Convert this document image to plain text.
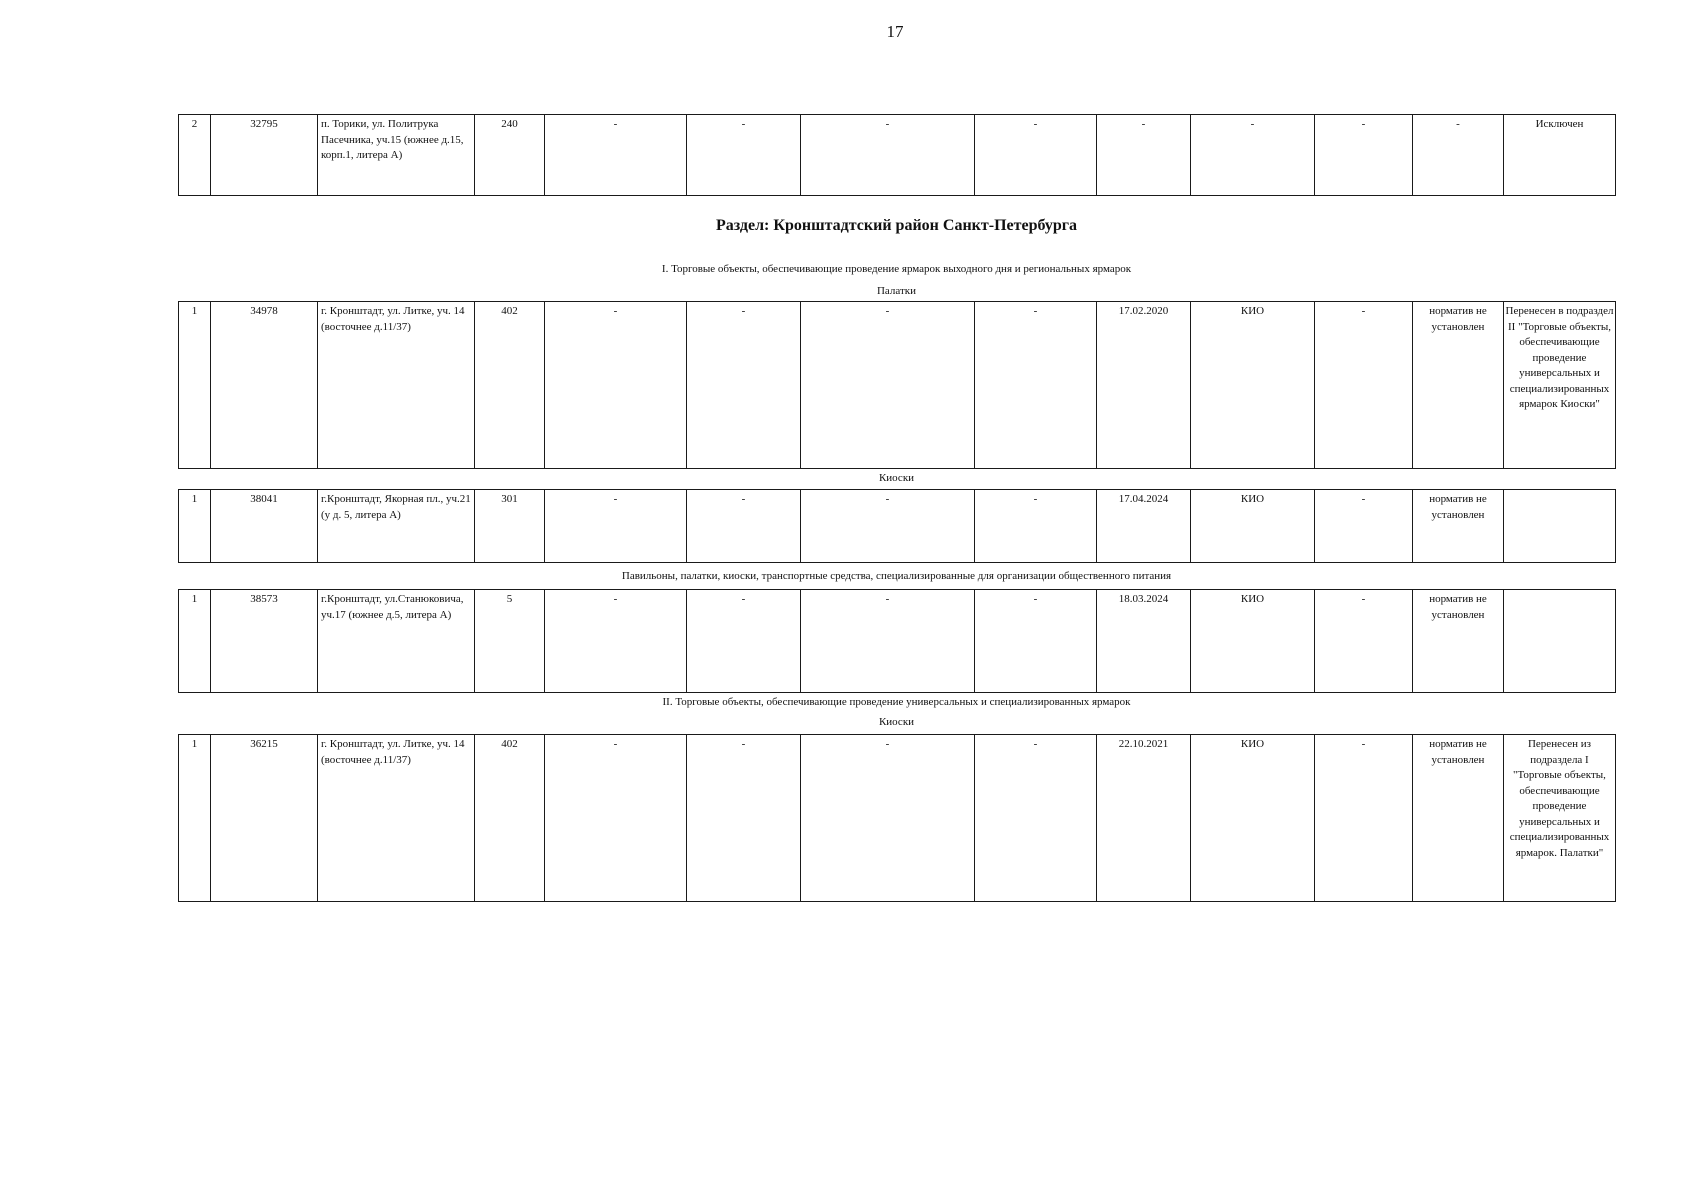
17
2	32795	п. Торики, ул. Политрука Пасечника, уч.15 (южнее д.15, корп.1, литера А)	240	-	-	-	-	-	-	-	-	Исключен
Раздел: Кронштадтский район Санкт-Петербурга
I. Торговые объекты, обеспечивающие проведение ярмарок выходного дня и региональных ярмарок
Палатки
1	34978	г. Кронштадт, ул. Литке, уч. 14 (восточнее д.11/37)	402	-	-	-	-	17.02.2020	КИО	-	норматив не установлен	Перенесен в подраздел II "Торговые объекты, обеспечивающие проведение универсальных и специализированных ярмарок Киоски"
Киоски
1	38041	г.Кронштадт, Якорная пл., уч.21 (у д. 5, литера А)	301	-	-	-	-	17.04.2024	КИО	-	норматив не установлен	
Павильоны, палатки, киоски, транспортные средства, специализированные для организации общественного питания
1	38573	г.Кронштадт, ул.Станюковича, уч.17 (южнее д.5, литера А)	5	-	-	-	-	18.03.2024	КИО	-	норматив не установлен	
II. Торговые объекты, обеспечивающие проведение универсальных и специализированных ярмарок
Киоски
1	36215	г. Кронштадт, ул. Литке, уч. 14 (восточнее д.11/37)	402	-	-	-	-	22.10.2021	КИО	-	норматив не установлен	Перенесен из подраздела I "Торговые объекты, обеспечивающие проведение универсальных и специализированных ярмарок. Палатки"
